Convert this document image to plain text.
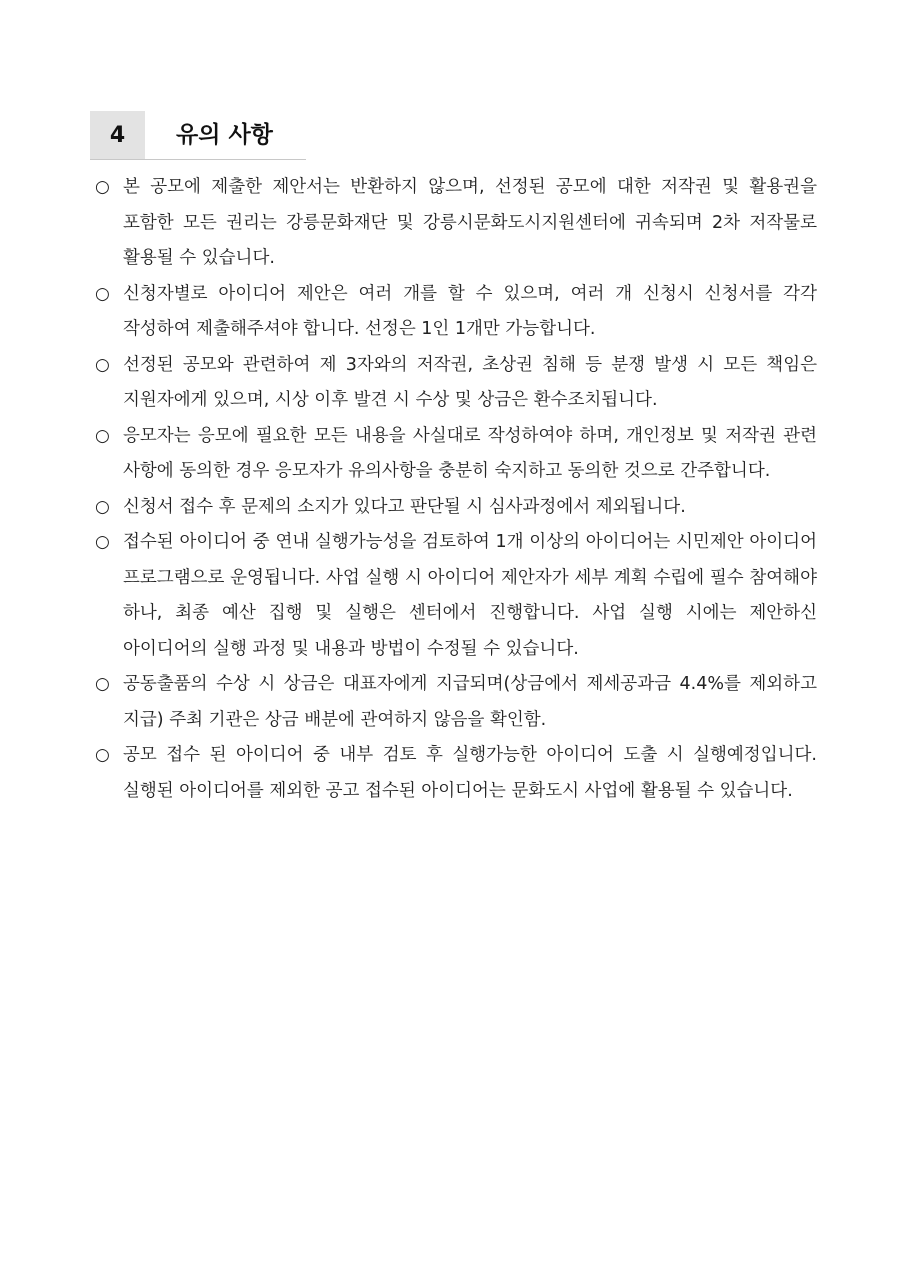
4	유의 사항
○ 본 공모에 제출한 제안서는 반환하지 않으며, 선정된 공모에 대한 저작권 및 활용권을 포함한 모든 권리는 강릉문화재단 및 강릉시문화도시지원센터에 귀속되며 2차 저작물로 활용될 수 있습니다.
○ 신청자별로 아이디어 제안은 여러 개를 할 수 있으며, 여러 개 신청시 신청서를 각각 작성하여 제출해주셔야 합니다. 선정은 1인 1개만 가능합니다.
○ 선정된 공모와 관련하여 제 3자와의 저작권, 초상권 침해 등 분쟁 발생 시 모든 책임은 지원자에게 있으며, 시상 이후 발견 시 수상 및 상금은 환수조치됩니다.
○ 응모자는 응모에 필요한 모든 내용을 사실대로 작성하여야 하며, 개인정보 및 저작권 관련 사항에 동의한 경우 응모자가 유의사항을 충분히 숙지하고 동의한 것으로 간주합니다.
○ 신청서 접수 후 문제의 소지가 있다고 판단될 시 심사과정에서 제외됩니다.
○ 접수된 아이디어 중 연내 실행가능성을 검토하여 1개 이상의 아이디어는 시민제안 아이디어 프로그램으로 운영됩니다. 사업 실행 시 아이디어 제안자가 세부 계획 수립에 필수 참여해야 하나, 최종 예산 집행 및 실행은 센터에서 진행합니다. 사업 실행 시에는 제안하신 아이디어의 실행 과정 및 내용과 방법이 수정될 수 있습니다.
○ 공동출품의 수상 시 상금은 대표자에게 지급되며(상금에서 제세공과금 4.4%를 제외하고 지급) 주최 기관은 상금 배분에 관여하지 않음을 확인함.
○ 공모 접수 된 아이디어 중 내부 검토 후 실행가능한 아이디어 도출 시 실행예정입니다. 실행된 아이디어를 제외한 공고 접수된 아이디어는 문화도시 사업에 활용될 수 있습니다.
